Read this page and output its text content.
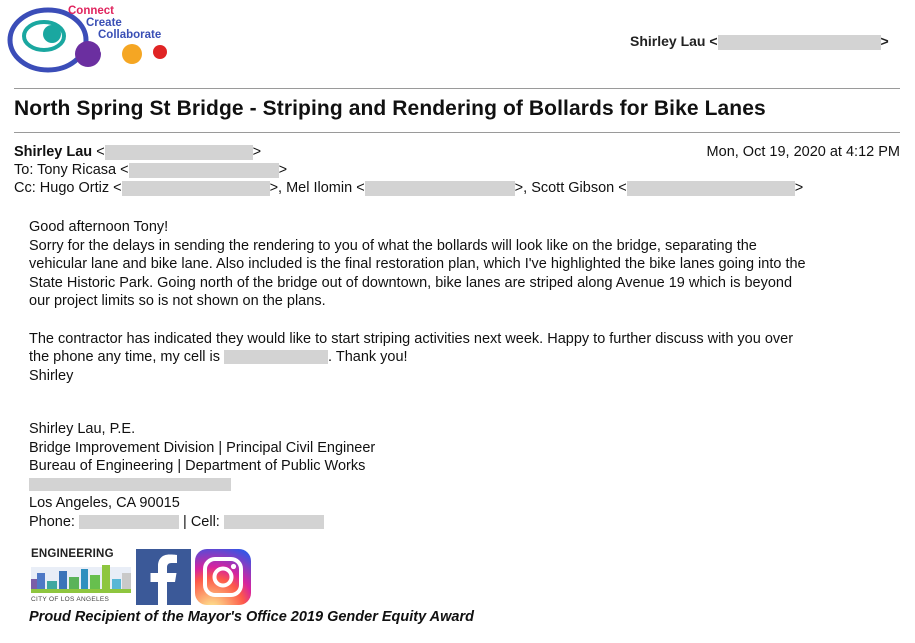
Connect
Create
Collaborate	Shirley Lau <	>
North Spring St Bridge - Striping and Rendering of Bollards for Bike Lanes
Shirley Lau <	>	Mon, Oct 19, 2020 at 4:12 PM
To: Tony Ricasa <	>
Cc: Hugo Ortiz <	>, Mel Ilomin <	>, Scott Gibson <	>
Good afternoon Tony!
Sorry for the delays in sending the rendering to you of what the bollards will look like on the bridge, separating the
vehicular lane and bike lane. Also included is the final restoration plan, which I've highlighted the bike lanes going into the
State Historic Park. Going north of the bridge out of downtown, bike lanes are striped along Avenue 19 which is beyond
our project limits so is not shown on the plans.
The contractor has indicated they would like to start striping activities next week. Happy to further discuss with you over
the phone any time, my cell is	. Thank you!
Shirley
Shirley Lau, P.E.
Bridge Improvement Division | Principal Civil Engineer
Bureau of Engineering | Department of Public Works
Los Angeles, CA 90015
Phone:	| Cell:
ENGINEERING
CITY OF LOS ANGELES
Proud Recipient of the Mayor's Office 2019 Gender Equity Award
